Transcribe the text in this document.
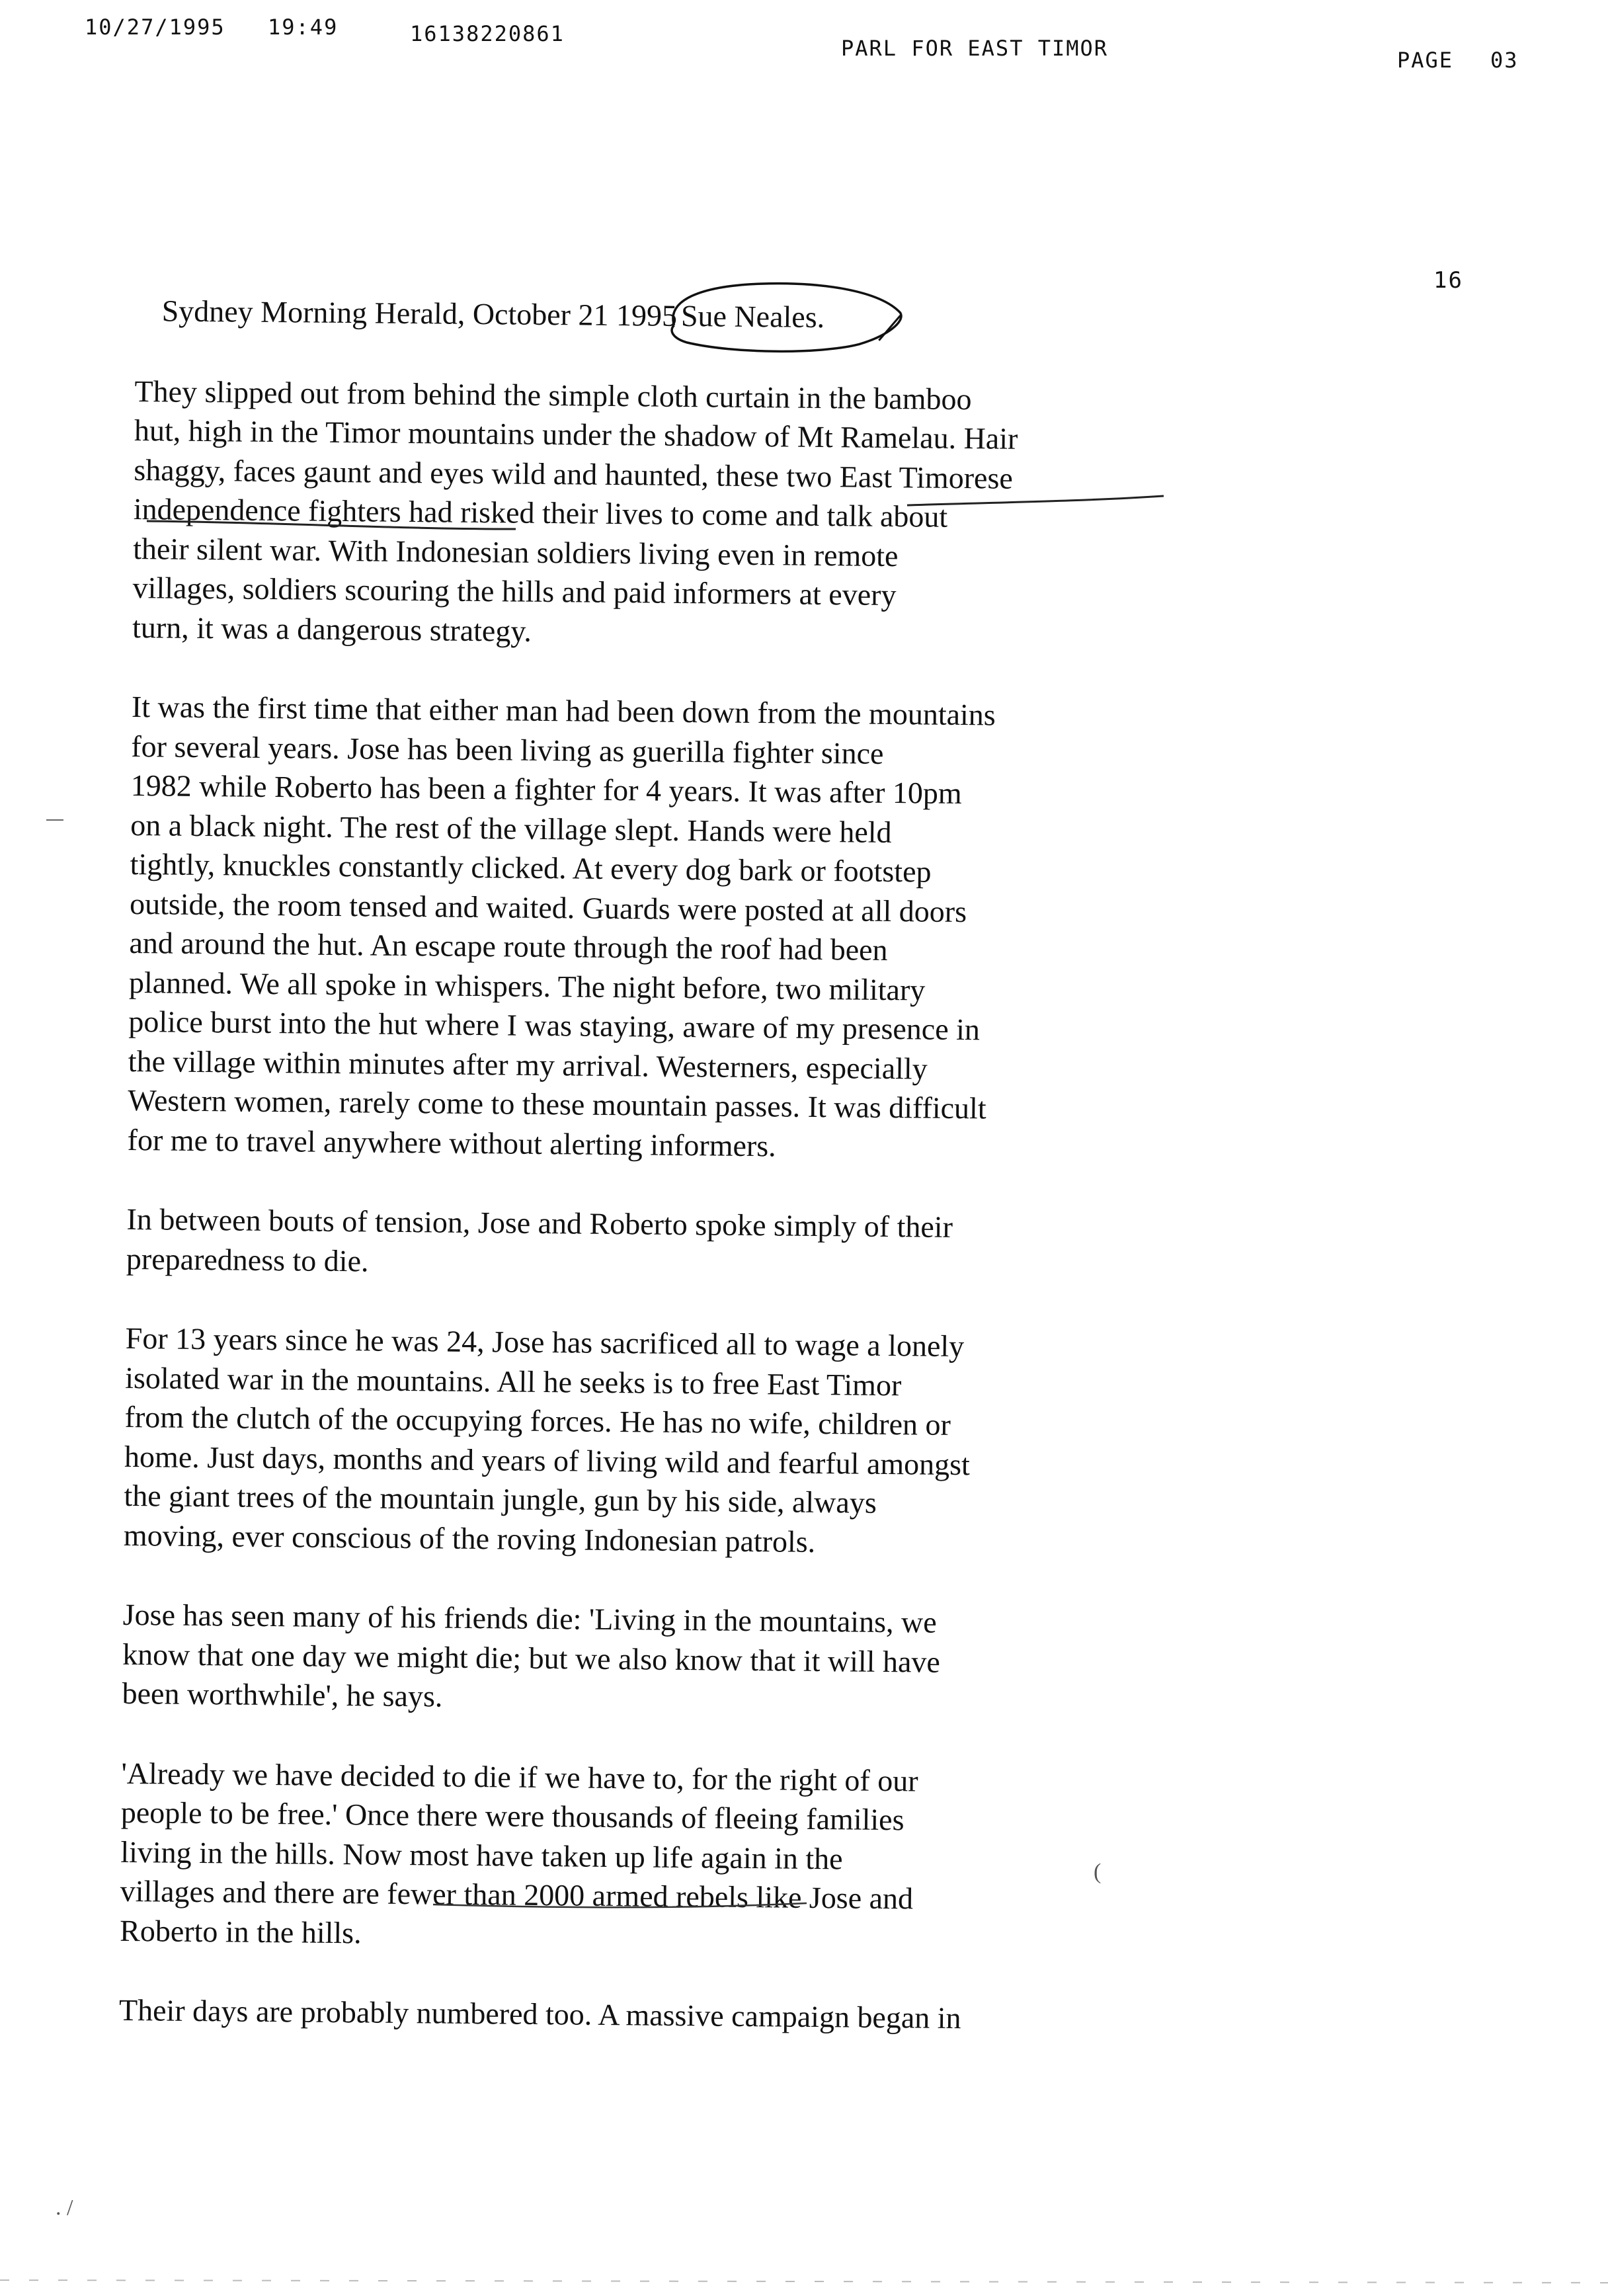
10/27/1995 19:49	16138220861
PARL FOR EAST TIMOR	PAGE 03
16
Sydney Morning Herald, October 21 1995 Sue Neales.

They slipped out from behind the simple cloth curtain in the bamboo
hut, high in the Timor mountains under the shadow of Mt Ramelau. Hair
shaggy, faces gaunt and eyes wild and haunted, these two East Timorese
independence fighters had risked their lives to come and talk about
their silent war. With Indonesian soldiers living even in remote
villages, soldiers scouring the hills and paid informers at every
turn, it was a dangerous strategy.

It was the first time that either man had been down from the mountains
for several years. Jose has been living as guerilla fighter since
1982 while Roberto has been a fighter for 4 years. It was after 10pm
on a black night. The rest of the village slept. Hands were held
tightly, knuckles constantly clicked. At every dog bark or footstep
outside, the room tensed and waited. Guards were posted at all doors
and around the hut. An escape route through the roof had been
planned. We all spoke in whispers. The night before, two military
police burst into the hut where I was staying, aware of my presence in
the village within minutes after my arrival. Westerners, especially
Western women, rarely come to these mountain passes. It was difficult
for me to travel anywhere without alerting informers.

In between bouts of tension, Jose and Roberto spoke simply of their
preparedness to die.

For 13 years since he was 24, Jose has sacrificed all to wage a lonely
isolated war in the mountains. All he seeks is to free East Timor
from the clutch of the occupying forces. He has no wife, children or
home. Just days, months and years of living wild and fearful amongst
the giant trees of the mountain jungle, gun by his side, always
moving, ever conscious of the roving Indonesian patrols.

Jose has seen many of his friends die: 'Living in the mountains, we
know that one day we might die; but we also know that it will have
been worthwhile', he says.

'Already we have decided to die if we have to, for the right of our
people to be free.' Once there were thousands of fleeing families
living in the hills. Now most have taken up life again in the
villages and there are fewer than 2000 armed rebels like Jose and
Roberto in the hills.

Their days are probably numbered too. A massive campaign began in

(
. /
